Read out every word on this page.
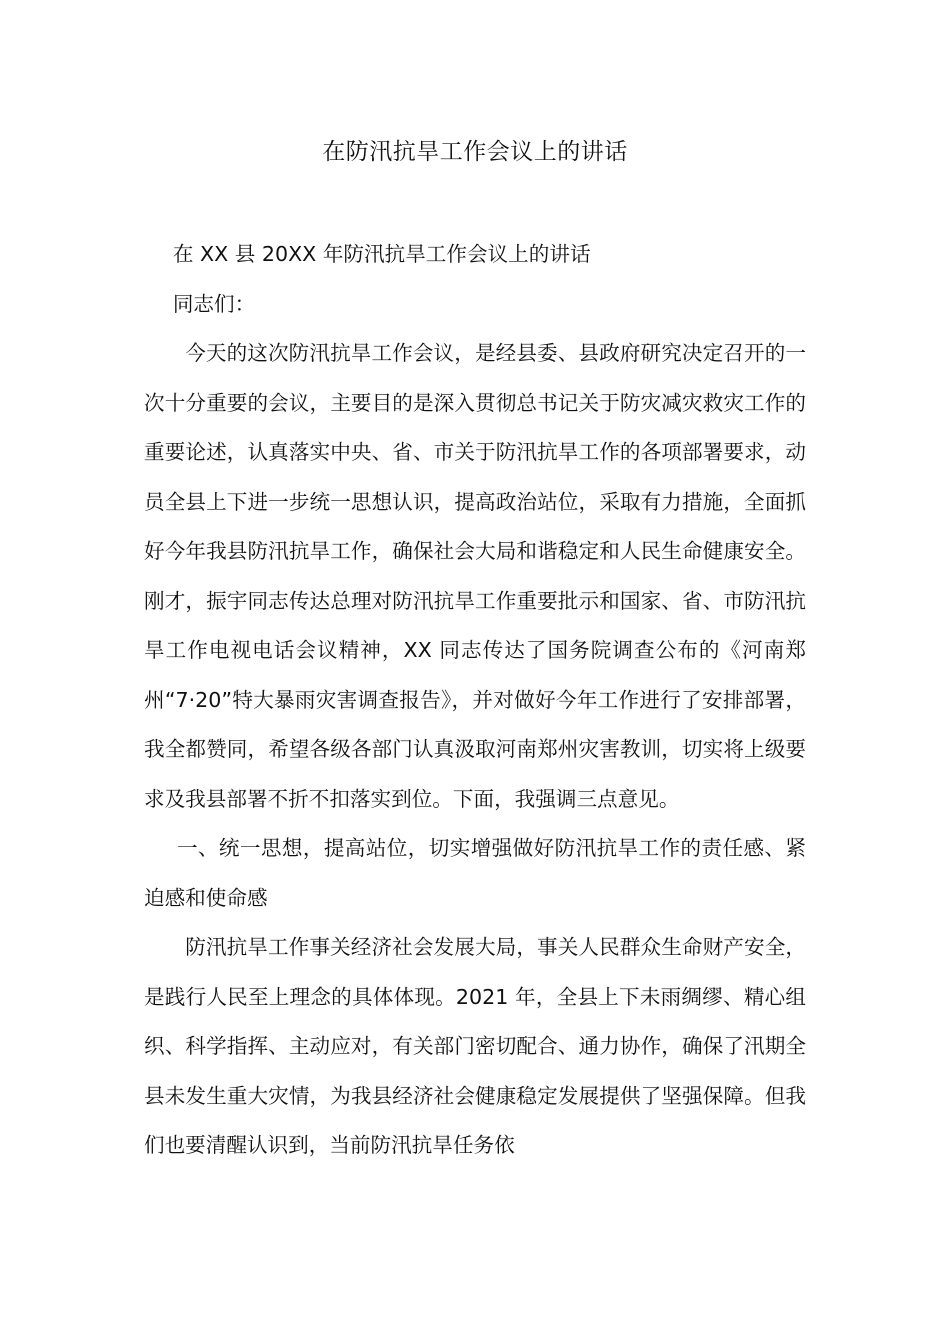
在防汛抗旱工作会议上的讲话

在 XX 县 20XX 年防汛抗旱工作会议上的讲话

同志们：

今天的这次防汛抗旱工作会议，是经县委、县政府研究决定召开的一次十分重要的会议，主要目的是深入贯彻总书记关于防灾减灾救灾工作的重要论述，认真落实中央、省、市关于防汛抗旱工作的各项部署要求，动员全县上下进一步统一思想认识，提高政治站位，采取有力措施，全面抓好今年我县防汛抗旱工作，确保社会大局和谐稳定和人民生命健康安全。刚才，振宇同志传达总理对防汛抗旱工作重要批示和国家、省、市防汛抗旱工作电视电话会议精神，XX 同志传达了国务院调查公布的《河南郑州“7·20”特大暴雨灾害调查报告》，并对做好今年工作进行了安排部署，我全都赞同，希望各级各部门认真汲取河南郑州灾害教训，切实将上级要求及我县部署不折不扣落实到位。下面，我强调三点意见。

一、统一思想，提高站位，切实增强做好防汛抗旱工作的责任感、紧迫感和使命感

防汛抗旱工作事关经济社会发展大局，事关人民群众生命财产安全，是践行人民至上理念的具体体现。2021 年，全县上下未雨绸缪、精心组织、科学指挥、主动应对，有关部门密切配合、通力协作，确保了汛期全县未发生重大灾情，为我县经济社会健康稳定发展提供了坚强保障。但我们也要清醒认识到，当前防汛抗旱任务依
